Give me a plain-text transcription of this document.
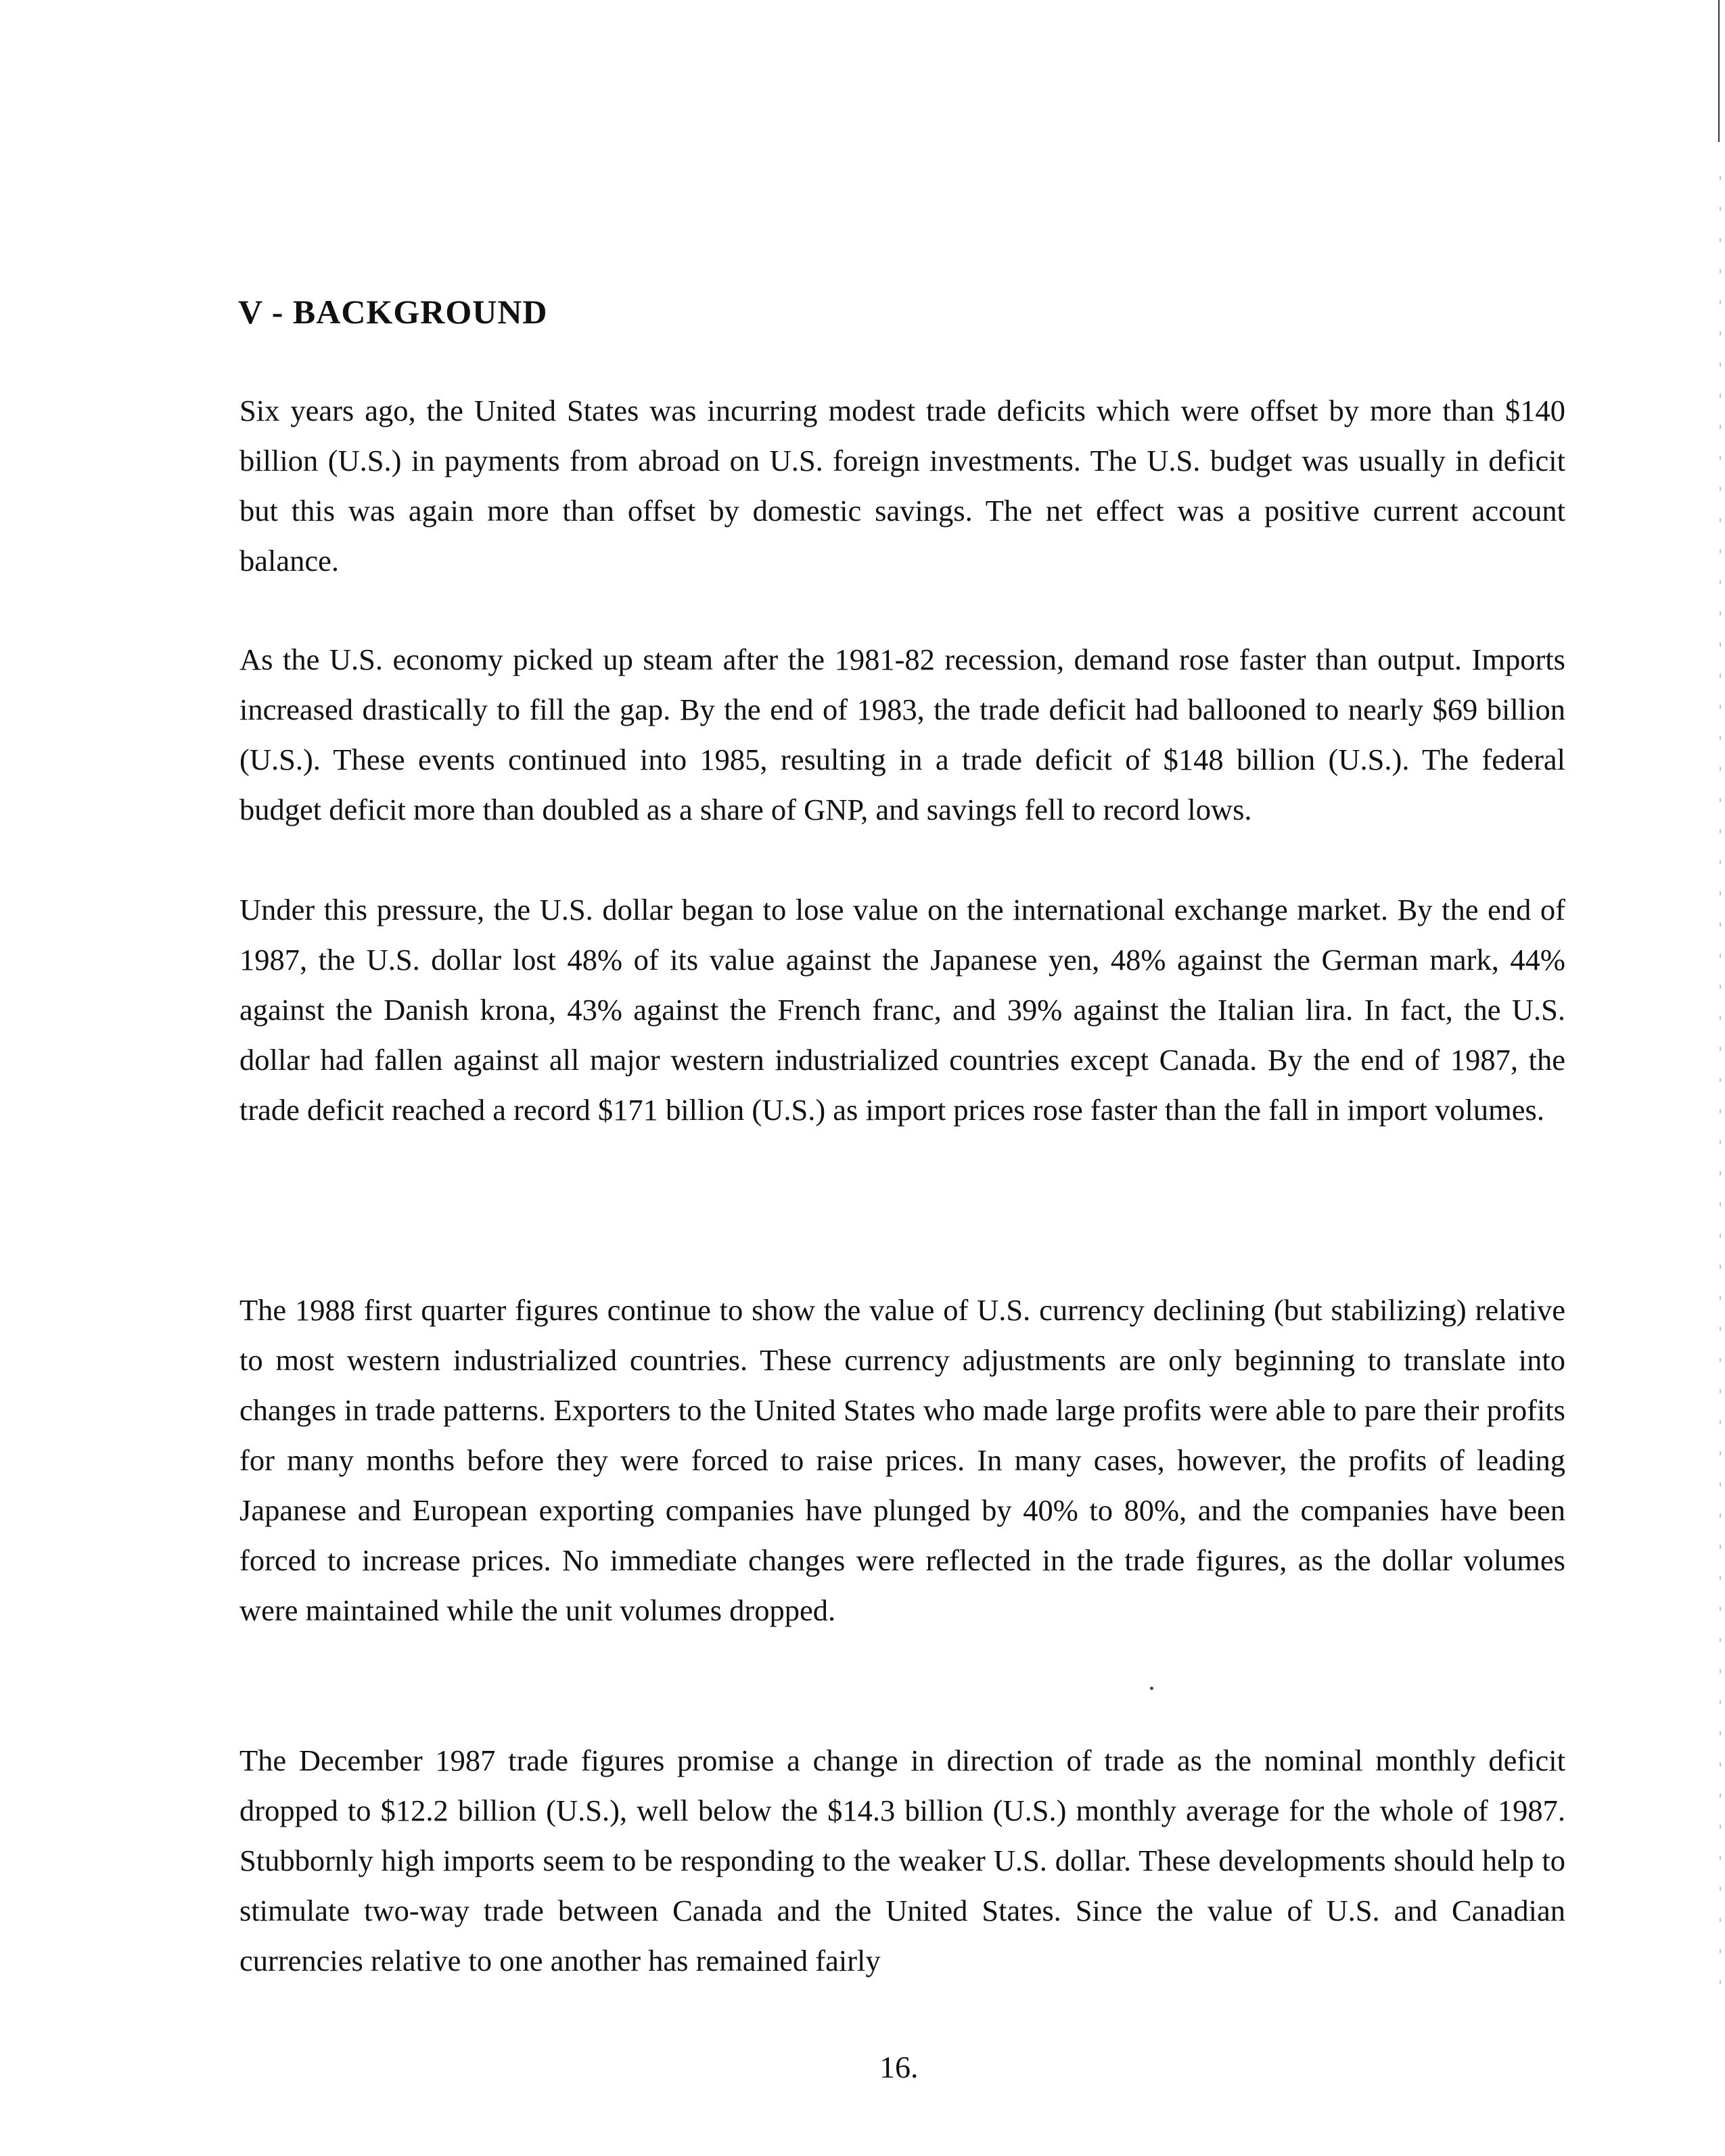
V - BACKGROUND

Six years ago, the United States was incurring modest trade deficits which were offset by more than $140 billion (U.S.) in payments from abroad on U.S. foreign investments. The U.S. budget was usually in deficit but this was again more than offset by domestic savings. The net effect was a positive current account balance.

As the U.S. economy picked up steam after the 1981-82 recession, demand rose faster than output. Imports increased drastically to fill the gap. By the end of 1983, the trade deficit had ballooned to nearly $69 billion (U.S.). These events continued into 1985, resulting in a trade deficit of $148 billion (U.S.). The federal budget deficit more than doubled as a share of GNP, and savings fell to record lows.

Under this pressure, the U.S. dollar began to lose value on the international exchange market. By the end of 1987, the U.S. dollar lost 48% of its value against the Japanese yen, 48% against the German mark, 44% against the Danish krona, 43% against the French franc, and 39% against the Italian lira. In fact, the U.S. dollar had fallen against all major western industrialized countries except Canada. By the end of 1987, the trade deficit reached a record $171 billion (U.S.) as import prices rose faster than the fall in import volumes.

The 1988 first quarter figures continue to show the value of U.S. currency declining (but stabilizing) relative to most western industrialized countries. These currency adjustments are only beginning to translate into changes in trade patterns. Exporters to the United States who made large profits were able to pare their profits for many months before they were forced to raise prices. In many cases, however, the profits of leading Japanese and European exporting companies have plunged by 40% to 80%, and the companies have been forced to increase prices. No immediate changes were reflected in the trade figures, as the dollar volumes were maintained while the unit volumes dropped.

The December 1987 trade figures promise a change in direction of trade as the nominal monthly deficit dropped to $12.2 billion (U.S.), well below the $14.3 billion (U.S.) monthly average for the whole of 1987. Stubbornly high imports seem to be responding to the weaker U.S. dollar. These developments should help to stimulate two-way trade between Canada and the United States. Since the value of U.S. and Canadian currencies relative to one another has remained fairly

16.
